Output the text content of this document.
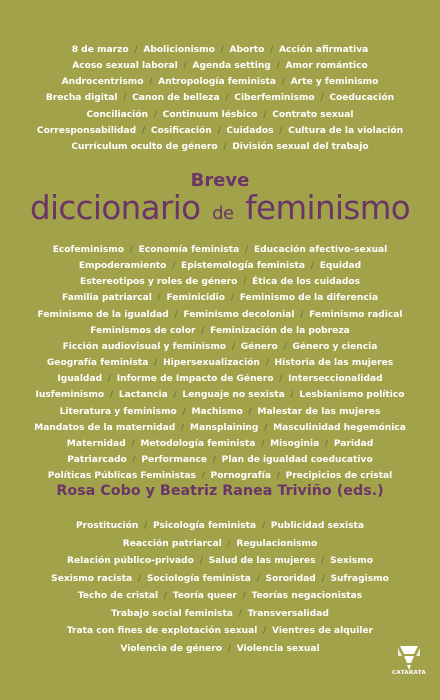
8 de marzo  /  Abolicionismo  /  Aborto  /  Acción afirmativa
Acoso sexual laboral  /  Agenda setting  /  Amor romántico
Androcentrismo  /  Antropología feminista  /  Arte y feminismo
Brecha digital  /  Canon de belleza  /  Ciberfeminismo  /  Coeducación
Conciliación  /  Continuum lésbico  /  Contrato sexual
Corresponsabilidad  /  Cosificación  /  Cuidados  /  Cultura de la violación
Currículum oculto de género  /  División sexual del trabajo
Breve
diccionario de feminismo
Ecofeminismo  /  Economía feminista  /  Educación afectivo-sexual
Empoderamiento  /  Epistemología feminista  /  Equidad
Estereotipos y roles de género  /  Ética de los cuidados
Familia patriarcal  /  Feminicidio  /  Feminismo de la diferencia
Feminismo de la igualdad  /  Feminismo decolonial  /  Feminismo radical
Feminismos de color  /  Feminización de la pobreza
Ficción audiovisual y feminismo  /  Género  /  Género y ciencia
Geografía feminista  /  Hipersexualización  /  Historia de las mujeres
Igualdad  /  Informe de Impacto de Género  /  Interseccionalidad
Iusfeminismo  /  Lactancia  /  Lenguaje no sexista  /  Lesbianismo político
Literatura y feminismo  /  Machismo  /  Malestar de las mujeres
Mandatos de la maternidad  /  Mansplaining  /  Masculinidad hegemónica
Maternidad  /  Metodología feminista  /  Misoginia  /  Paridad
Patriarcado  /  Performance  /  Plan de igualdad coeducativo
Políticas Públicas Feministas  /  Pornografía  /  Precipicios de cristal
Rosa Cobo y Beatriz Ranea Triviño (eds.)
Prostitución  /  Psicología feminista  /  Publicidad sexista
Reacción patriarcal  /  Regulacionismo
Relación público-privado  /  Salud de las mujeres  /  Sexismo
Sexismo racista  /  Sociología feminista  /  Sororidad  /  Sufragismo
Techo de cristal  /  Teoría queer  /  Teorías negacionistas
Trabajo social feminista  /  Transversalidad
Trata con fines de explotación sexual  /  Vientres de alquiler
Violencia de género  /  Violencia sexual
CATARATA
